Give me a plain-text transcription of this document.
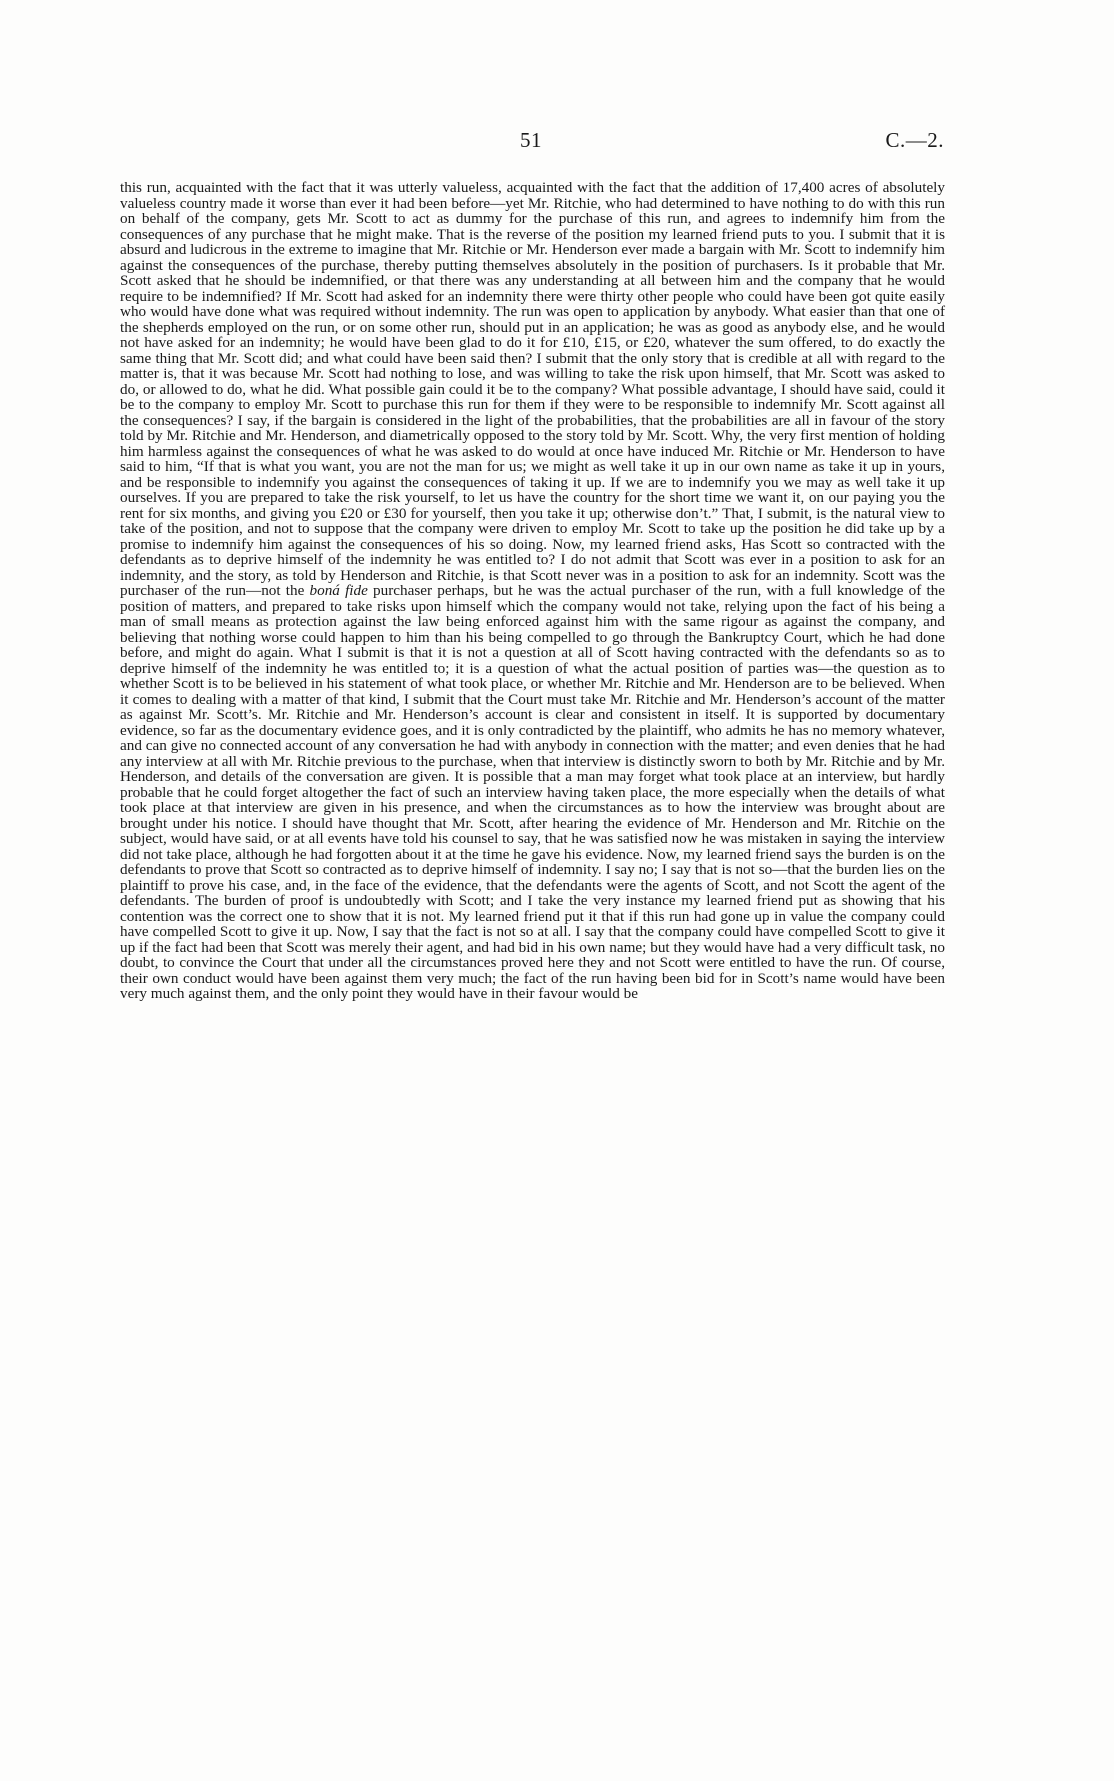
51	C.—2.

this run, acquainted with the fact that it was utterly valueless, acquainted with the fact that the addition of 17,400 acres of absolutely valueless country made it worse than ever it had been before—yet Mr. Ritchie, who had determined to have nothing to do with this run on behalf of the company, gets Mr. Scott to act as dummy for the purchase of this run, and agrees to indemnify him from the consequences of any purchase that he might make. That is the reverse of the position my learned friend puts to you. I submit that it is absurd and ludicrous in the extreme to imagine that Mr. Ritchie or Mr. Henderson ever made a bargain with Mr. Scott to indemnify him against the consequences of the purchase, thereby putting themselves absolutely in the position of purchasers. Is it probable that Mr. Scott asked that he should be indemnified, or that there was any understanding at all between him and the company that he would require to be indemnified? If Mr. Scott had asked for an indemnity there were thirty other people who could have been got quite easily who would have done what was required without indemnity. The run was open to application by anybody. What easier than that one of the shepherds employed on the run, or on some other run, should put in an application; he was as good as anybody else, and he would not have asked for an indemnity; he would have been glad to do it for £10, £15, or £20, whatever the sum offered, to do exactly the same thing that Mr. Scott did; and what could have been said then? I submit that the only story that is credible at all with regard to the matter is, that it was because Mr. Scott had nothing to lose, and was willing to take the risk upon himself, that Mr. Scott was asked to do, or allowed to do, what he did. What possible gain could it be to the company? What possible advantage, I should have said, could it be to the company to employ Mr. Scott to purchase this run for them if they were to be responsible to indemnify Mr. Scott against all the consequences? I say, if the bargain is considered in the light of the probabilities, that the probabilities are all in favour of the story told by Mr. Ritchie and Mr. Henderson, and diametrically opposed to the story told by Mr. Scott. Why, the very first mention of holding him harmless against the consequences of what he was asked to do would at once have induced Mr. Ritchie or Mr. Henderson to have said to him, “If that is what you want, you are not the man for us; we might as well take it up in our own name as take it up in yours, and be responsible to indemnify you against the consequences of taking it up. If we are to indemnify you we may as well take it up ourselves. If you are prepared to take the risk yourself, to let us have the country for the short time we want it, on our paying you the rent for six months, and giving you £20 or £30 for yourself, then you take it up; otherwise don’t.” That, I submit, is the natural view to take of the position, and not to suppose that the company were driven to employ Mr. Scott to take up the position he did take up by a promise to indemnify him against the consequences of his so doing. Now, my learned friend asks, Has Scott so contracted with the defendants as to deprive himself of the indemnity he was entitled to? I do not admit that Scott was ever in a position to ask for an indemnity, and the story, as told by Henderson and Ritchie, is that Scott never was in a position to ask for an indemnity. Scott was the purchaser of the run—not the boná fide purchaser perhaps, but he was the actual purchaser of the run, with a full knowledge of the position of matters, and prepared to take risks upon himself which the company would not take, relying upon the fact of his being a man of small means as protection against the law being enforced against him with the same rigour as against the company, and believing that nothing worse could happen to him than his being compelled to go through the Bankruptcy Court, which he had done before, and might do again. What I submit is that it is not a question at all of Scott having contracted with the defendants so as to deprive himself of the indemnity he was entitled to; it is a question of what the actual position of parties was—the question as to whether Scott is to be believed in his statement of what took place, or whether Mr. Ritchie and Mr. Henderson are to be believed. When it comes to dealing with a matter of that kind, I submit that the Court must take Mr. Ritchie and Mr. Henderson’s account of the matter as against Mr. Scott’s. Mr. Ritchie and Mr. Henderson’s account is clear and consistent in itself. It is supported by documentary evidence, so far as the documentary evidence goes, and it is only contradicted by the plaintiff, who admits he has no memory whatever, and can give no connected account of any conversation he had with anybody in connection with the matter; and even denies that he had any interview at all with Mr. Ritchie previous to the purchase, when that interview is distinctly sworn to both by Mr. Ritchie and by Mr. Henderson, and details of the conversation are given. It is possible that a man may forget what took place at an interview, but hardly probable that he could forget altogether the fact of such an interview having taken place, the more especially when the details of what took place at that interview are given in his presence, and when the circumstances as to how the interview was brought about are brought under his notice. I should have thought that Mr. Scott, after hearing the evidence of Mr. Henderson and Mr. Ritchie on the subject, would have said, or at all events have told his counsel to say, that he was satisfied now he was mistaken in saying the interview did not take place, although he had forgotten about it at the time he gave his evidence. Now, my learned friend says the burden is on the defendants to prove that Scott so contracted as to deprive himself of indemnity. I say no; I say that is not so—that the burden lies on the plaintiff to prove his case, and, in the face of the evidence, that the defendants were the agents of Scott, and not Scott the agent of the defendants. The burden of proof is undoubtedly with Scott; and I take the very instance my learned friend put as showing that his contention was the correct one to show that it is not. My learned friend put it that if this run had gone up in value the company could have compelled Scott to give it up. Now, I say that the fact is not so at all. I say that the company could have compelled Scott to give it up if the fact had been that Scott was merely their agent, and had bid in his own name; but they would have had a very difficult task, no doubt, to convince the Court that under all the circumstances proved here they and not Scott were entitled to have the run. Of course, their own conduct would have been against them very much; the fact of the run having been bid for in Scott’s name would have been very much against them, and the only point they would have in their favour would be
